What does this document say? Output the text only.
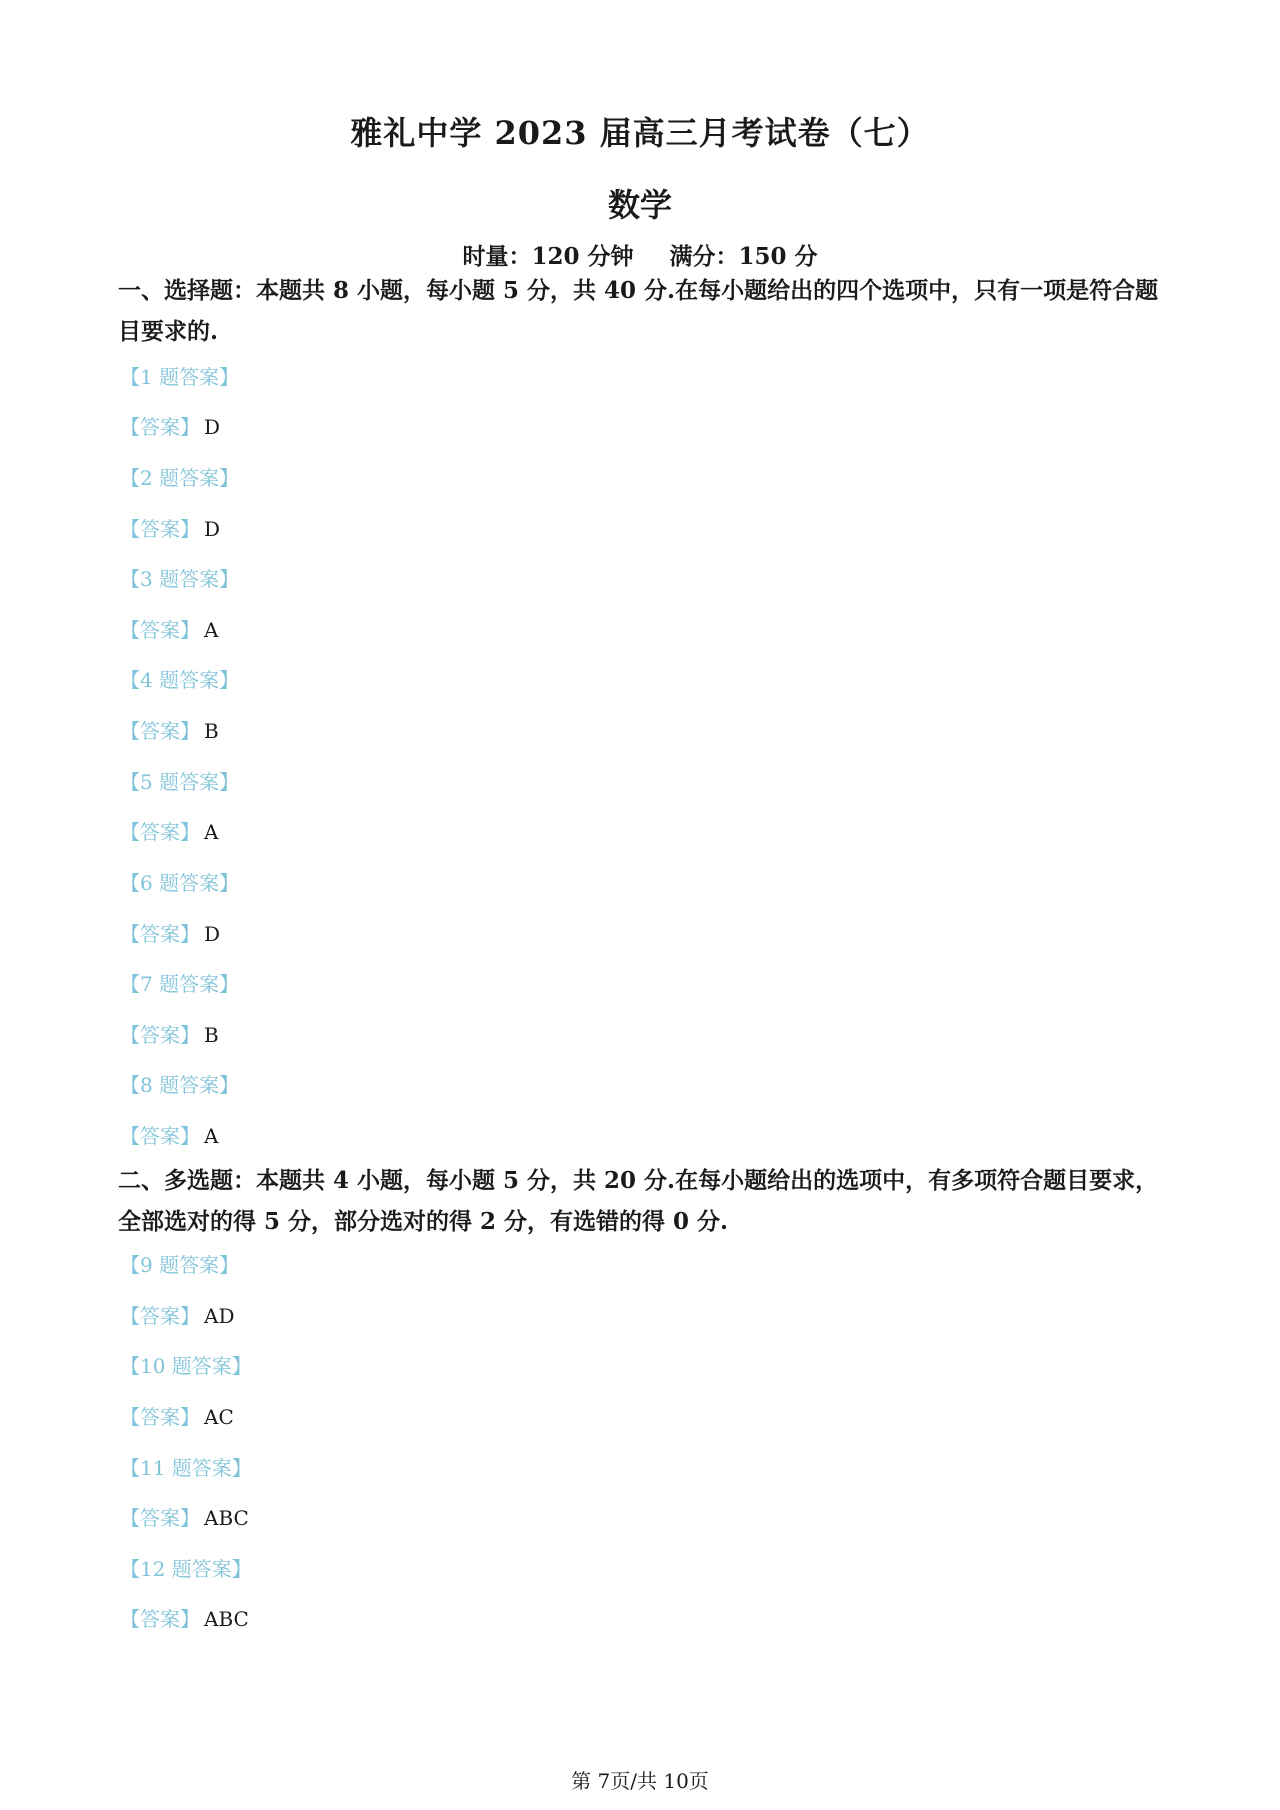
雅礼中学 2023 届高三月考试卷（七）
数学
时量：120 分钟 满分：150 分
一、选择题：本题共 8 小题，每小题 5 分，共 40 分.在每小题给出的四个选项中，只有一项是符合题目要求的.
【1 题答案】
【答案】 D
【2 题答案】
【答案】 D
【3 题答案】
【答案】 A
【4 题答案】
【答案】 B
【5 题答案】
【答案】 A
【6 题答案】
【答案】 D
【7 题答案】
【答案】 B
【8 题答案】
【答案】 A
二、多选题：本题共 4 小题，每小题 5 分，共 20 分.在每小题给出的选项中，有多项符合题目要求，全部选对的得 5 分，部分选对的得 2 分，有选错的得 0 分.
【9 题答案】
【答案】 AD
【10 题答案】
【答案】 AC
【11 题答案】
【答案】 ABC
【12 题答案】
【答案】 ABC
第 7页/共 10页
